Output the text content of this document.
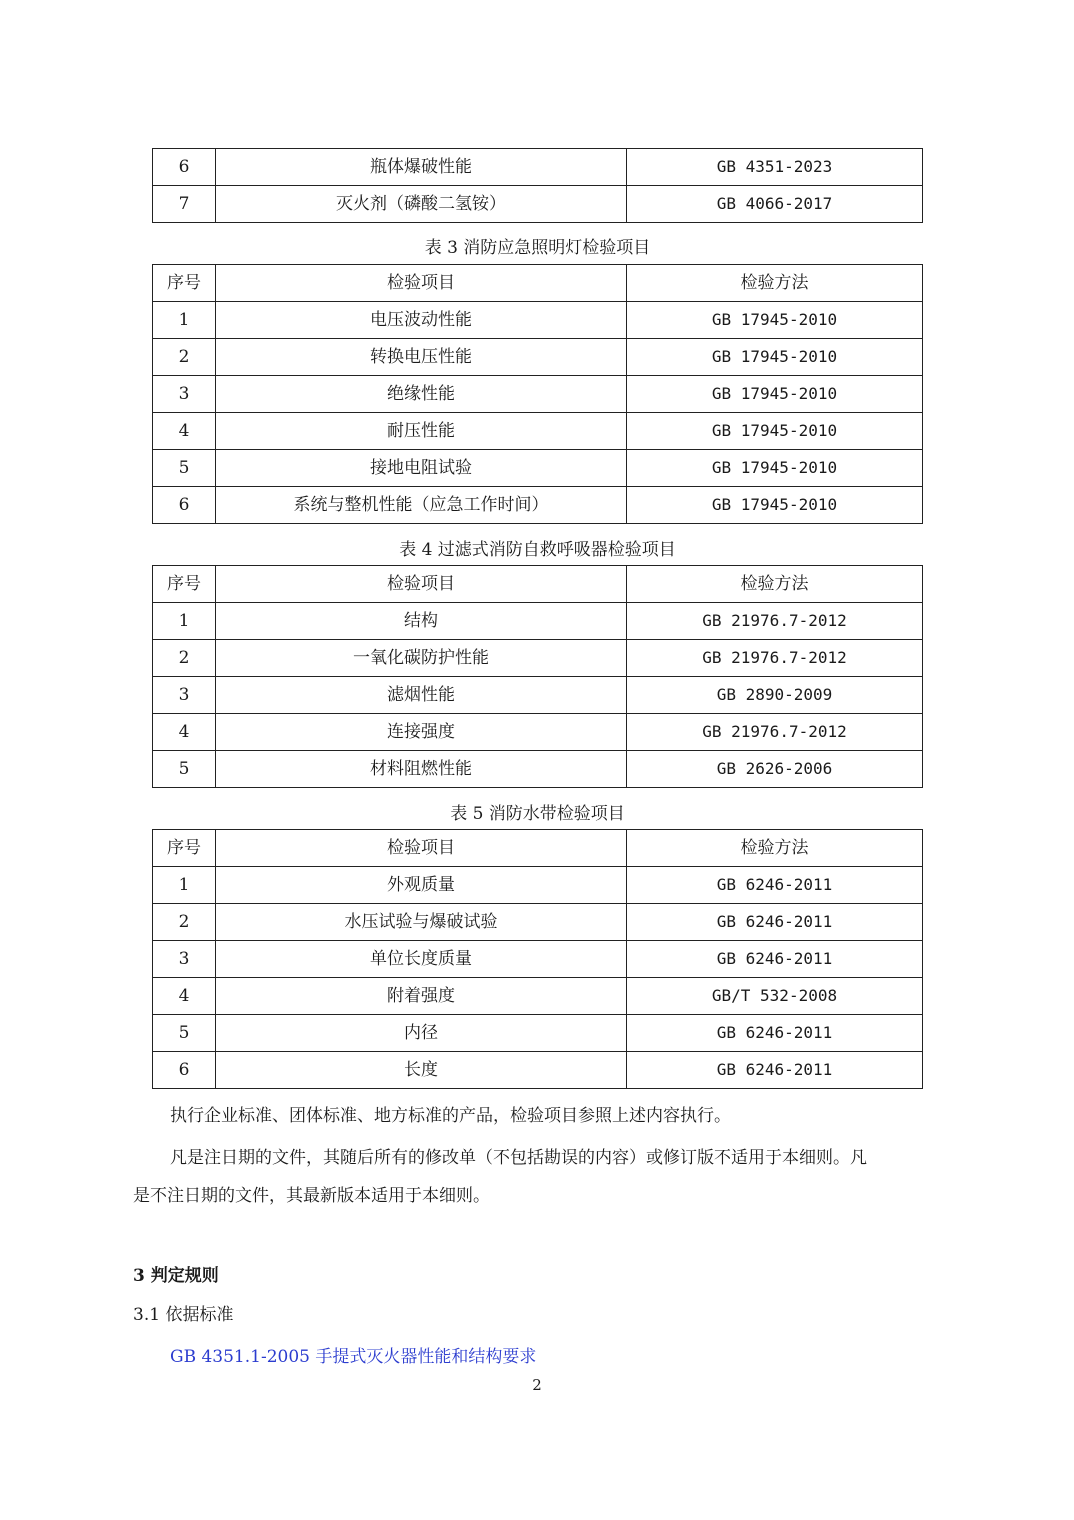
6	瓶体爆破性能	GB 4351-2023
7	灭火剂（磷酸二氢铵）	GB 4066-2017
表 3 消防应急照明灯检验项目
序号	检验项目	检验方法
1	电压波动性能	GB 17945-2010
2	转换电压性能	GB 17945-2010
3	绝缘性能	GB 17945-2010
4	耐压性能	GB 17945-2010
5	接地电阻试验	GB 17945-2010
6	系统与整机性能（应急工作时间）	GB 17945-2010
表 4 过滤式消防自救呼吸器检验项目
序号	检验项目	检验方法
1	结构	GB 21976.7-2012
2	一氧化碳防护性能	GB 21976.7-2012
3	滤烟性能	GB 2890-2009
4	连接强度	GB 21976.7-2012
5	材料阻燃性能	GB 2626-2006
表 5 消防水带检验项目
序号	检验项目	检验方法
1	外观质量	GB 6246-2011
2	水压试验与爆破试验	GB 6246-2011
3	单位长度质量	GB 6246-2011
4	附着强度	GB/T 532-2008
5	内径	GB 6246-2011
6	长度	GB 6246-2011
执行企业标准、团体标准、地方标准的产品，检验项目参照上述内容执行。
凡是注日期的文件，其随后所有的修改单（不包括勘误的内容）或修订版不适用于本细则。凡
是不注日期的文件，其最新版本适用于本细则。
3 判定规则
3.1 依据标准
GB 4351.1-2005 手提式灭火器性能和结构要求
2
